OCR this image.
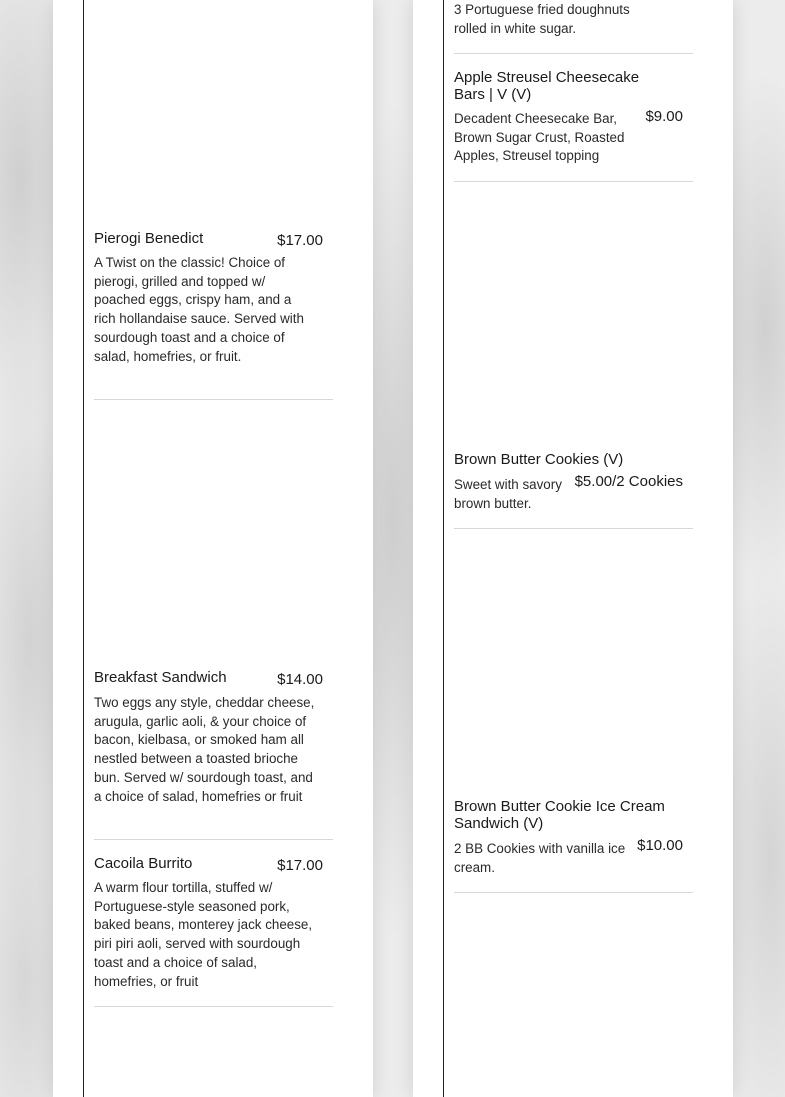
Pierogi Benedict	$17.00
A Twist on the classic! Choice of pierogi, grilled and topped w/ poached eggs, crispy ham, and a rich hollandaise sauce. Served with sourdough toast and a choice of salad, homefries, or fruit.
Breakfast Sandwich	$14.00
Two eggs any style, cheddar cheese, arugula, garlic aoli, & your choice of bacon, kielbasa, or smoked ham all nestled between a toasted brioche bun. Served w/ sourdough toast, and a choice of salad, homefries or fruit
Cacoila Burrito	$17.00
A warm flour tortilla, stuffed w/ Portuguese-style seasoned pork, baked beans, monterey jack cheese, piri piri aoli, served with sourdough toast and a choice of salad, homefries, or fruit
3 Portuguese fried doughnuts rolled in white sugar.
Apple Streusel Cheesecake Bars | V (V)
$9.00
Decadent Cheesecake Bar, Brown Sugar Crust, Roasted Apples, Streusel topping
Brown Butter Cookies (V)
$5.00/2 Cookies
Sweet with savory brown butter.
Brown Butter Cookie Ice Cream Sandwich (V)
$10.00
2 BB Cookies with vanilla ice cream.
